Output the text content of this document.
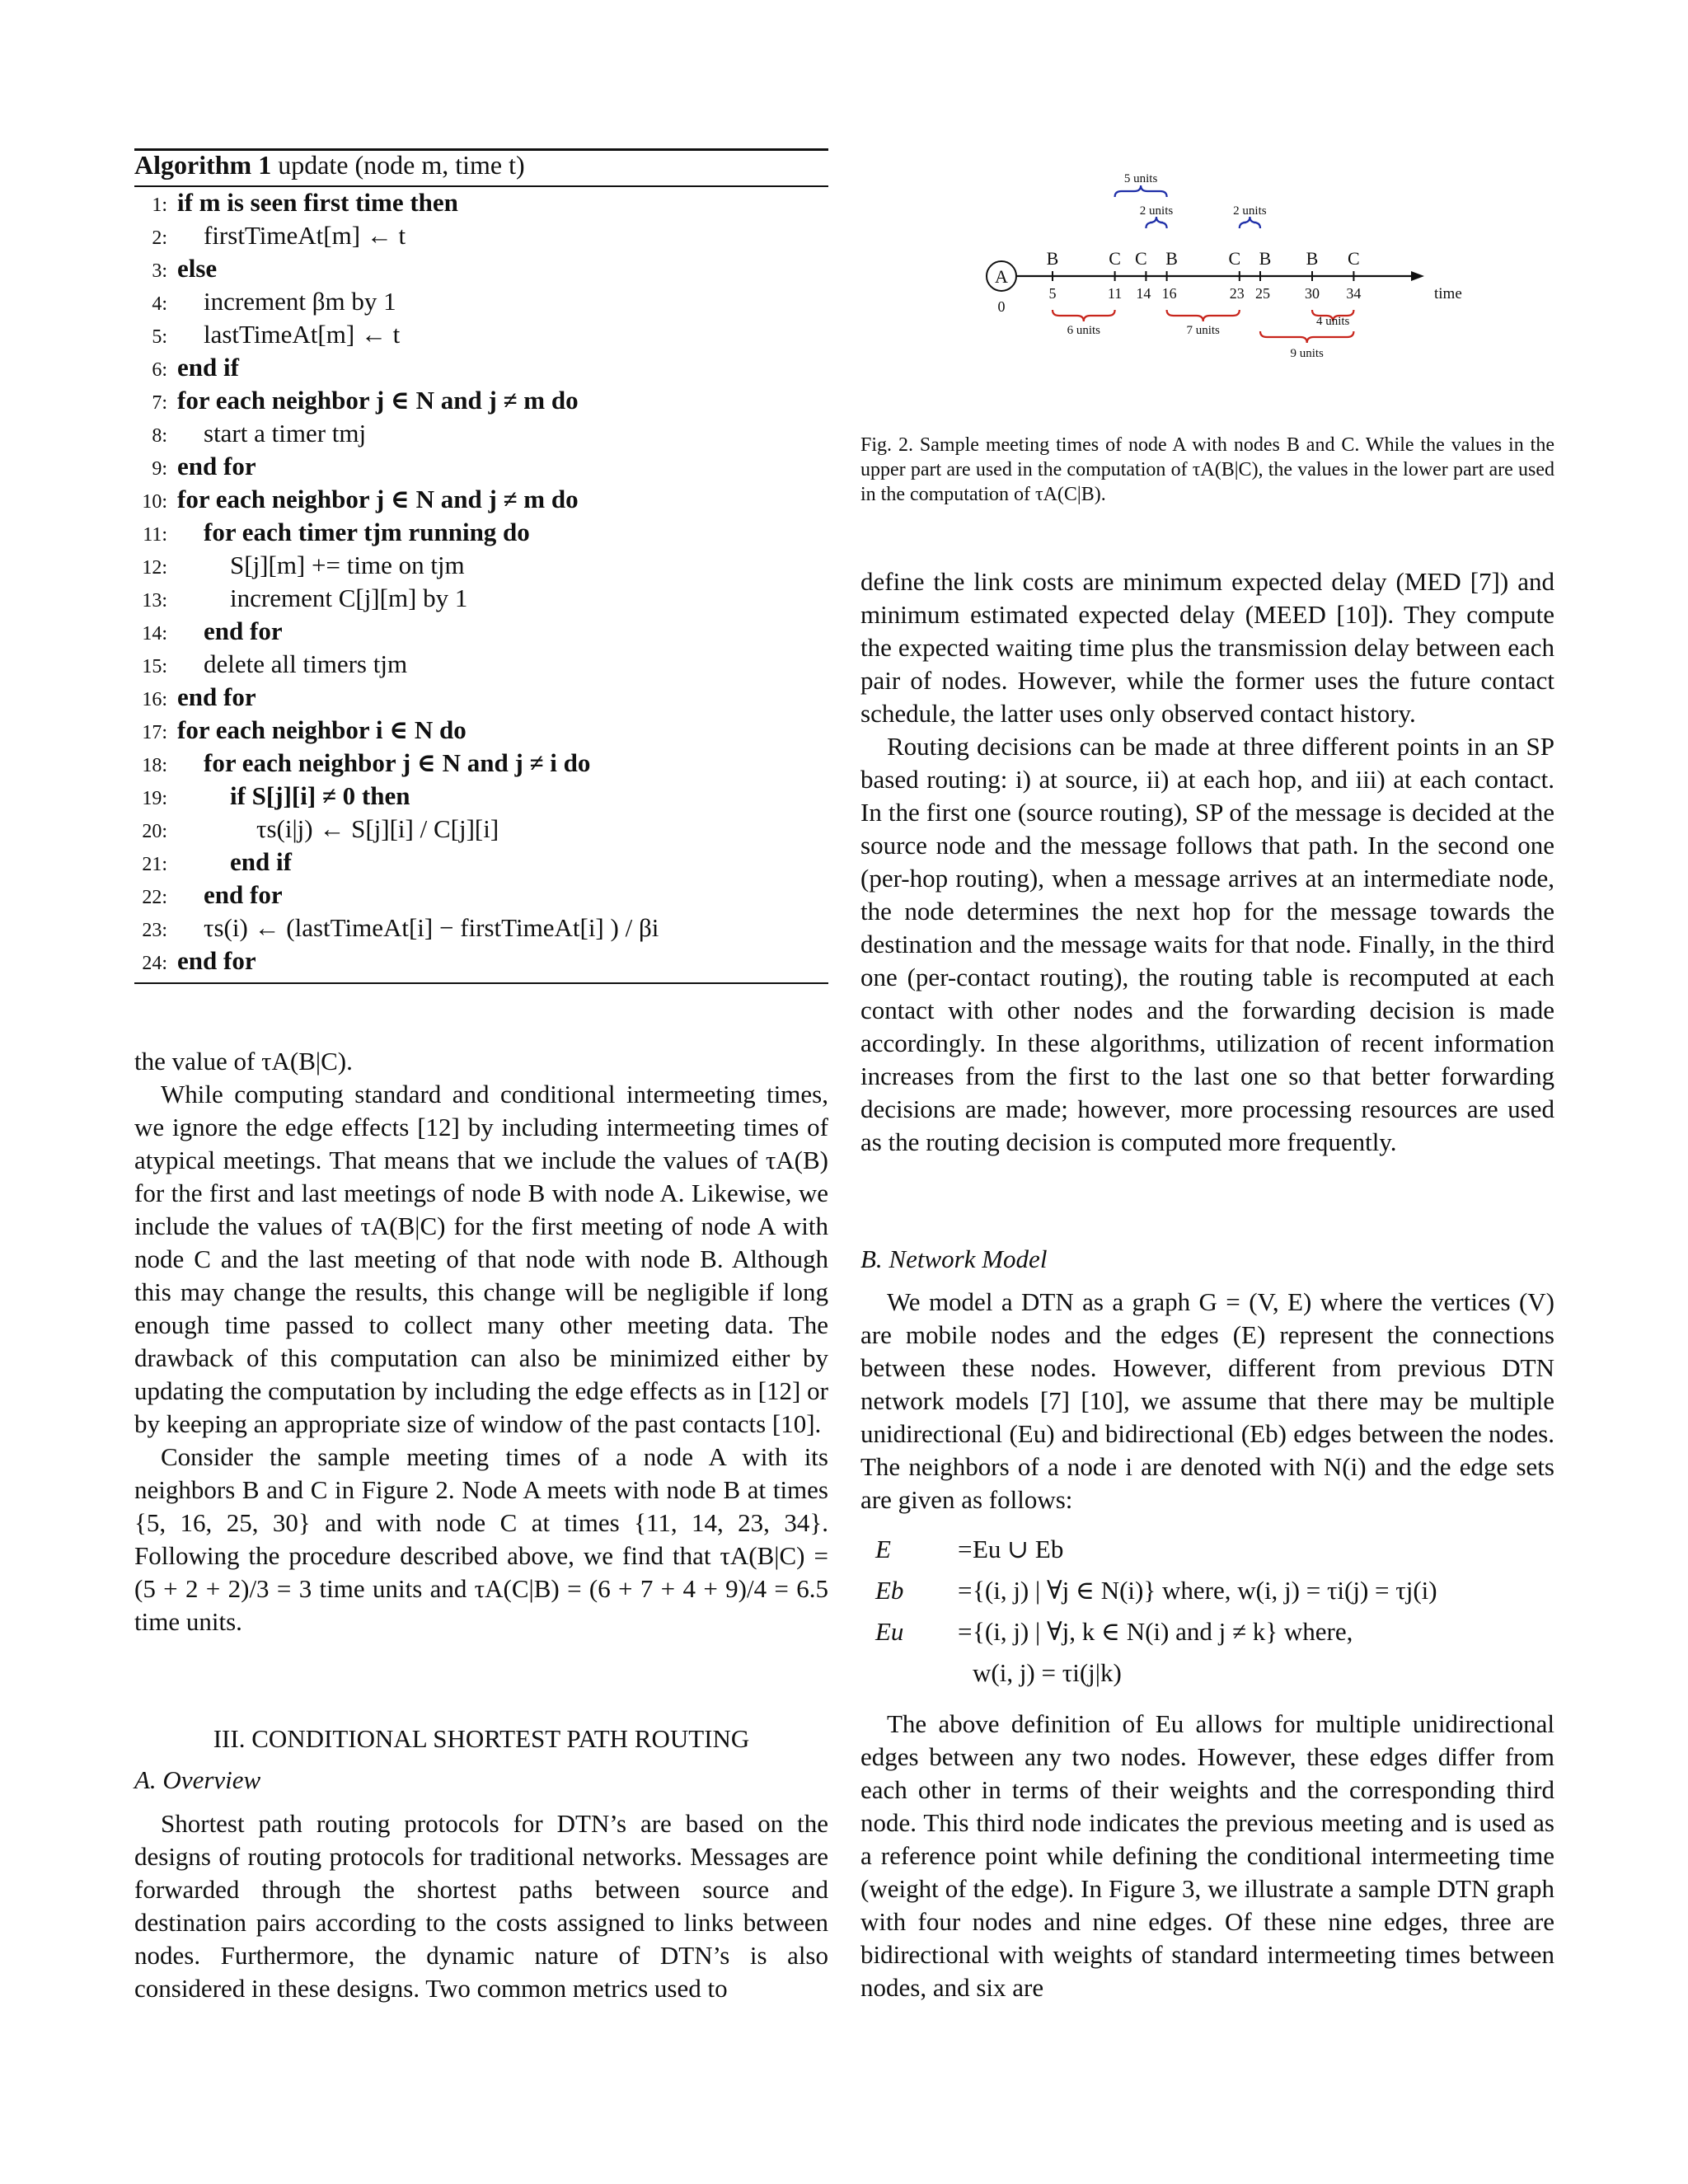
Algorithm 1 update (node m, time t)
1: if m is seen first time then
2: firstTimeAt[m] ← t
3: else
4: increment βm by 1
5: lastTimeAt[m] ← t
6: end if
7: for each neighbor j ∈ N and j ≠ m do
8: start a timer tmj
9: end for
10: for each neighbor j ∈ N and j ≠ m do
11: for each timer tjm running do
12: S[j][m] += time on tjm
13: increment C[j][m] by 1
14: end for
15: delete all timers tjm
16: end for
17: for each neighbor i ∈ N do
18: for each neighbor j ∈ N and j ≠ i do
19: if S[j][i] ≠ 0 then
20:	τs(i|j) ← S[j][i] / C[j][i]
21: end if
22: end for
23: τs(i) ← (lastTimeAt[i] − firstTimeAt[i] ) / βi
24: end for

the value of τA(B|C).

While computing standard and conditional intermeeting times, we ignore the edge effects [12] by including intermeeting times of atypical meetings. That means that we include the values of τA(B) for the first and last meetings of node B with node A. Likewise, we include the values of τA(B|C) for the first meeting of node A with node C and the last meeting of that node with node B. Although this may change the results, this change will be negligible if long enough time passed to collect many other meeting data. The drawback of this computation can also be minimized either by updating the computation by including the edge effects as in [12] or by keeping an appropriate size of window of the past contacts [10].

Consider the sample meeting times of a node A with its neighbors B and C in Figure 2. Node A meets with node B at times {5, 16, 25, 30} and with node C at times {11, 14, 23, 34}. Following the procedure described above, we find that τA(B|C) = (5 + 2 + 2)/3 = 3 time units and τA(C|B) = (6 + 7 + 4 + 9)/4 = 6.5 time units.

III. CONDITIONAL SHORTEST PATH ROUTING
A. Overview

Shortest path routing protocols for DTN’s are based on the designs of routing protocols for traditional networks. Messages are forwarded through the shortest paths between source and destination pairs according to the costs assigned to links between nodes. Furthermore, the dynamic nature of DTN’s is also considered in these designs. Two common metrics used to

time
A
0
B
5
C
11
C
14
B
16
C
23
B
25
B
30
C
34
5 units
2 units	2 units
6 units	7 units
4 units
9 units
Fig. 2. Sample meeting times of node A with nodes B and C. While the values in the upper part are used in the computation of τA(B|C), the values in the lower part are used in the computation of τA(C|B).

define the link costs are minimum expected delay (MED [7]) and minimum estimated expected delay (MEED [10]). They compute the expected waiting time plus the transmission delay between each pair of nodes. However, while the former uses the future contact schedule, the latter uses only observed contact history.

Routing decisions can be made at three different points in an SP based routing: i) at source, ii) at each hop, and iii) at each contact. In the first one (source routing), SP of the message is decided at the source node and the message follows that path. In the second one (per-hop routing), when a message arrives at an intermediate node, the node determines the next hop for the message towards the destination and the message waits for that node. Finally, in the third one (per-contact routing), the routing table is recomputed at each contact with other nodes and the forwarding decision is made accordingly. In these algorithms, utilization of recent information increases from the first to the last one so that better forwarding decisions are made; however, more processing resources are used as the routing decision is computed more frequently.

B. Network Model

We model a DTN as a graph G = (V, E) where the vertices (V) are mobile nodes and the edges (E) represent the connections between these nodes. However, different from previous DTN network models [7] [10], we assume that there may be multiple unidirectional (Eu) and bidirectional (Eb) edges between the nodes. The neighbors of a node i are denoted with N(i) and the edge sets are given as follows:

E	= Eu ∪ Eb
Eb = {(i, j) | ∀j ∈ N(i)} where, w(i, j) = τi(j) = τj(i)
Eu = {(i, j) | ∀j, k ∈ N(i) and j ≠ k} where,
w(i, j) = τi(j|k)

The above definition of Eu allows for multiple unidirectional edges between any two nodes. However, these edges differ from each other in terms of their weights and the corresponding third node. This third node indicates the previous meeting and is used as a reference point while defining the conditional intermeeting time (weight of the edge). In Figure 3, we illustrate a sample DTN graph with four nodes and nine edges. Of these nine edges, three are bidirectional with weights of standard intermeeting times between nodes, and six are
